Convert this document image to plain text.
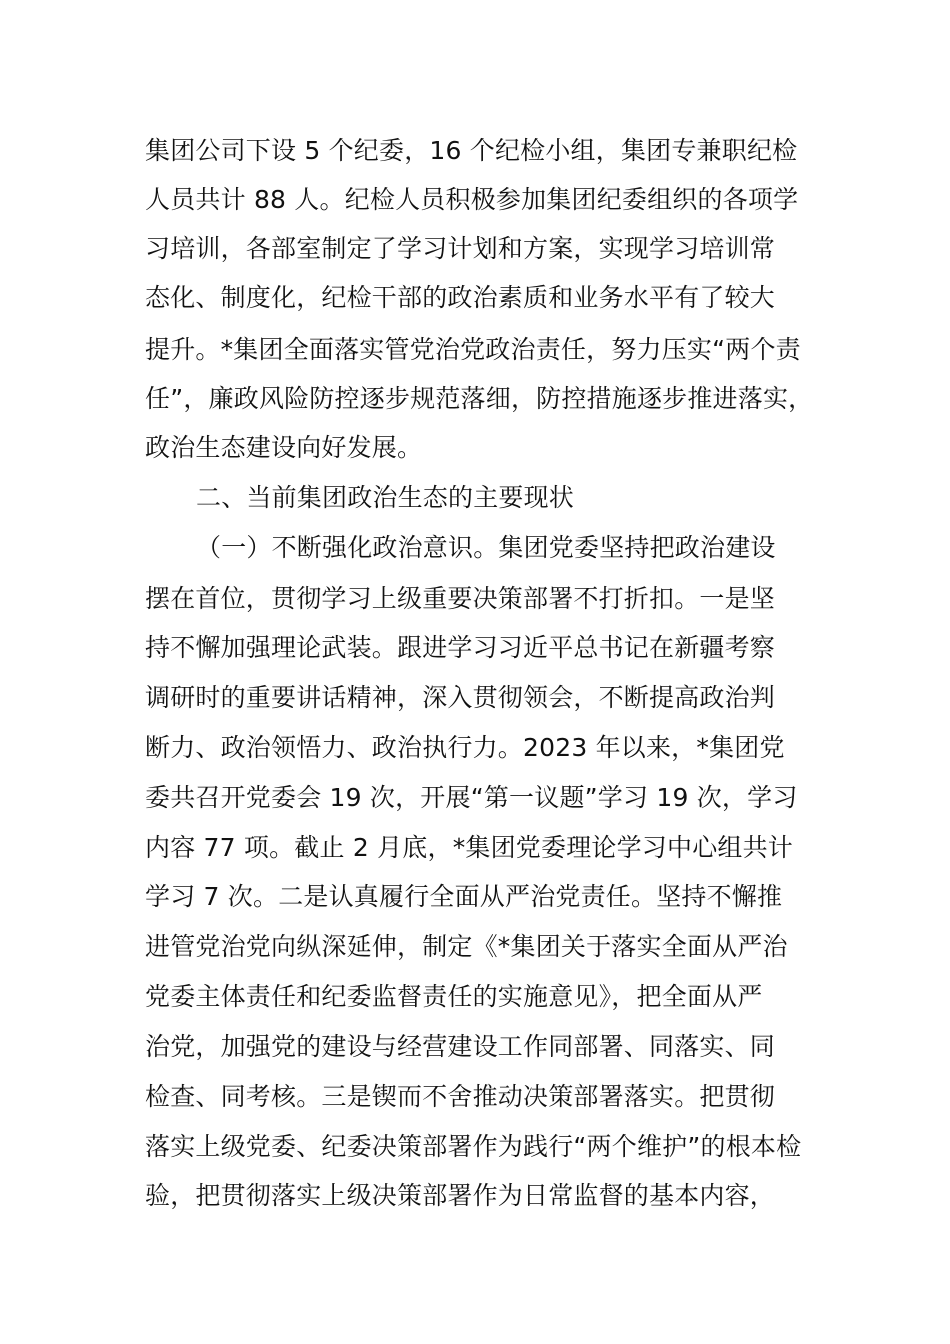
集团公司下设 5 个纪委，16 个纪检小组，集团专兼职纪检
人员共计 88 人。纪检人员积极参加集团纪委组织的各项学
习培训，各部室制定了学习计划和方案，实现学习培训常
态化、制度化，纪检干部的政治素质和业务水平有了较大
提升。*集团全面落实管党治党政治责任，努力压实“两个责
任”，廉政风险防控逐步规范落细，防控措施逐步推进落实，
政治生态建设向好发展。
二、当前集团政治生态的主要现状
（一）不断强化政治意识。集团党委坚持把政治建设
摆在首位，贯彻学习上级重要决策部署不打折扣。一是坚
持不懈加强理论武装。跟进学习习近平总书记在新疆考察
调研时的重要讲话精神，深入贯彻领会，不断提高政治判
断力、政治领悟力、政治执行力。2023 年以来，*集团党
委共召开党委会 19 次，开展“第一议题”学习 19 次，学习
内容 77 项。截止 2 月底，*集团党委理论学习中心组共计
学习 7 次。二是认真履行全面从严治党责任。坚持不懈推
进管党治党向纵深延伸，制定《*集团关于落实全面从严治
党委主体责任和纪委监督责任的实施意见》，把全面从严
治党，加强党的建设与经营建设工作同部署、同落实、同
检查、同考核。三是锲而不舍推动决策部署落实。把贯彻
落实上级党委、纪委决策部署作为践行“两个维护”的根本检
验，把贯彻落实上级决策部署作为日常监督的基本内容，
